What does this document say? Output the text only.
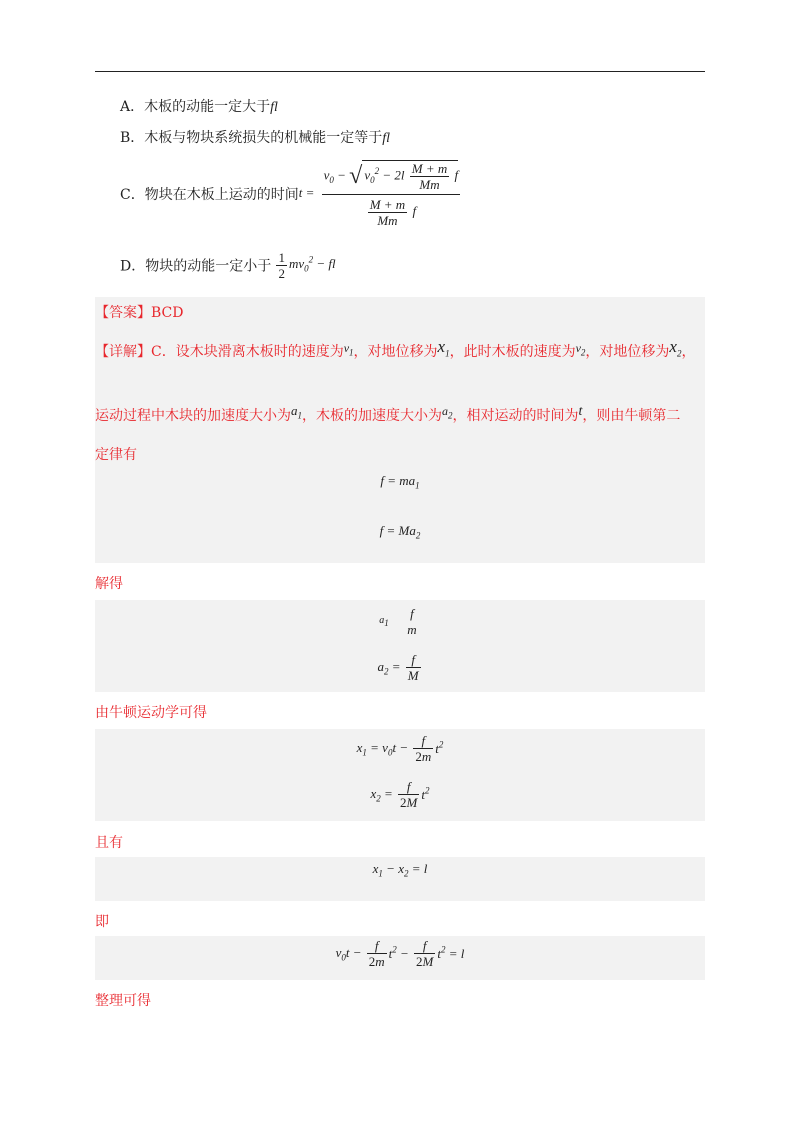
A．木板的动能一定大于fl
B．木板与物块系统损失的机械能一定等于fl
C．物块在木板上运动的时间$t = \frac{v_0 - √ v_0^2 - 2l \frac{M + m}{Mm} f}{\frac{M + m}{Mm} f}$
D．物块的动能一定小于 $\frac{1}{2} mv_0^2$ − fl
【答案】BCD
【详解】C．设木块滑离木板时的速度为$v_1$，对地位移为$x_1$，此时木板的速度为$v_2$，对地位移为$x_2$，
运动过程中木块的加速度大小为$a_1$，木板的加速度大小为$a_2$，相对运动的时间为t，则由牛顿第二
定律有
$f = ma_1$
$f = Ma_2$
解得
$a_1$
f
m
$a_2 = \frac{f}{M}$
由牛顿运动学可得
$x_1 = v_0t - \frac{f}{2m} t^2$
$x_2 = \frac{f}{2M} t^2$
且有
$x_1 - x_2 = l$
即
$v_0t - \frac{f}{2m} t^2 - \frac{f}{2M} t^2 = l$
整理可得
